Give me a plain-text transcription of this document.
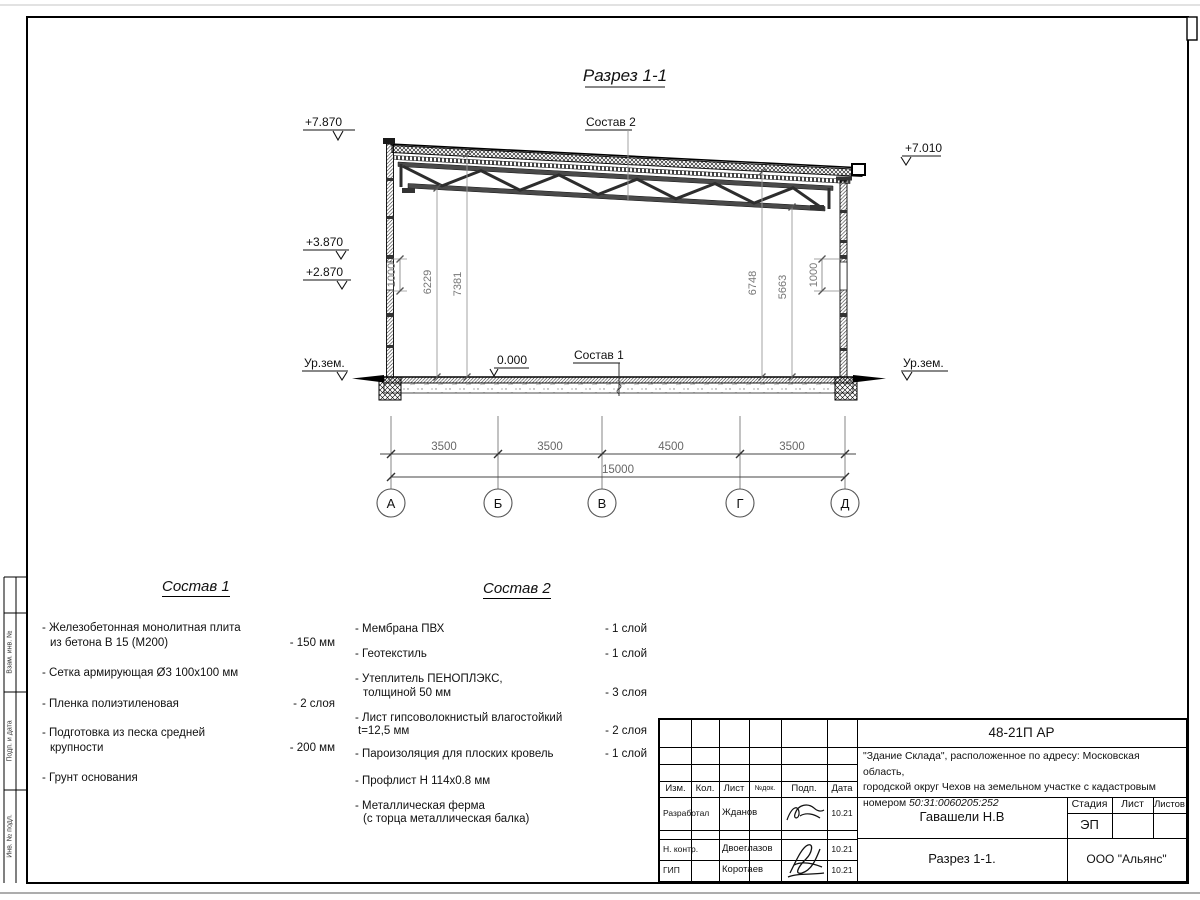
Разрез 1-1
+7.870
+3.870
+2.870
Ур.зем.	0.000
+7.010
Ур.зем.
Состав 1
Состав 2
1000 6229 7381	6748 5663 1000
3500	3500	4500	3500
15000
А	Б	В	Г	Д
Взам. инв. №
Подп. и дата
Инв. № подл.
Состав 1
- Железобетонная монолитная плита
из бетона В 15 (М200)	- 150 мм
- Сетка армирующая Ø3 100x100 мм
- Пленка полиэтиленовая	- 2 слоя
- Подготовка из песка средней
крупности	- 200 мм
- Грунт основания
Состав 2
- Мембрана ПВХ	- 1 слой
- Геотекстиль	- 1 слой
- Утеплитель ПЕНОПЛЭКС,
толщиной 50 мм	- 3 слоя
- Лист гипсоволокнистый влагостойкий
t=12,5 мм	- 2 слоя
- Пароизоляция для плоских кровель	- 1 слой
- Профлист Н 114x0.8 мм
- Металлическая ферма
(с торца металлическая балка)
Изм.	Кол. Лист	№док.	Подп.	Дата
Разработал	Жданов	10.21
Н. контр.	Двоеглазов	10.21
ГИП	Коротаев	10.21
48-21П АР
"Здание Склада", расположенное по адресу: Московская область,
городской округ Чехов на земельном участке с кадастровым
номером 50:31:0060205:252
Гавашели Н.В
Стадия	Лист	Листов
ЭП
Разрез 1-1.	ООО "Альянс"
